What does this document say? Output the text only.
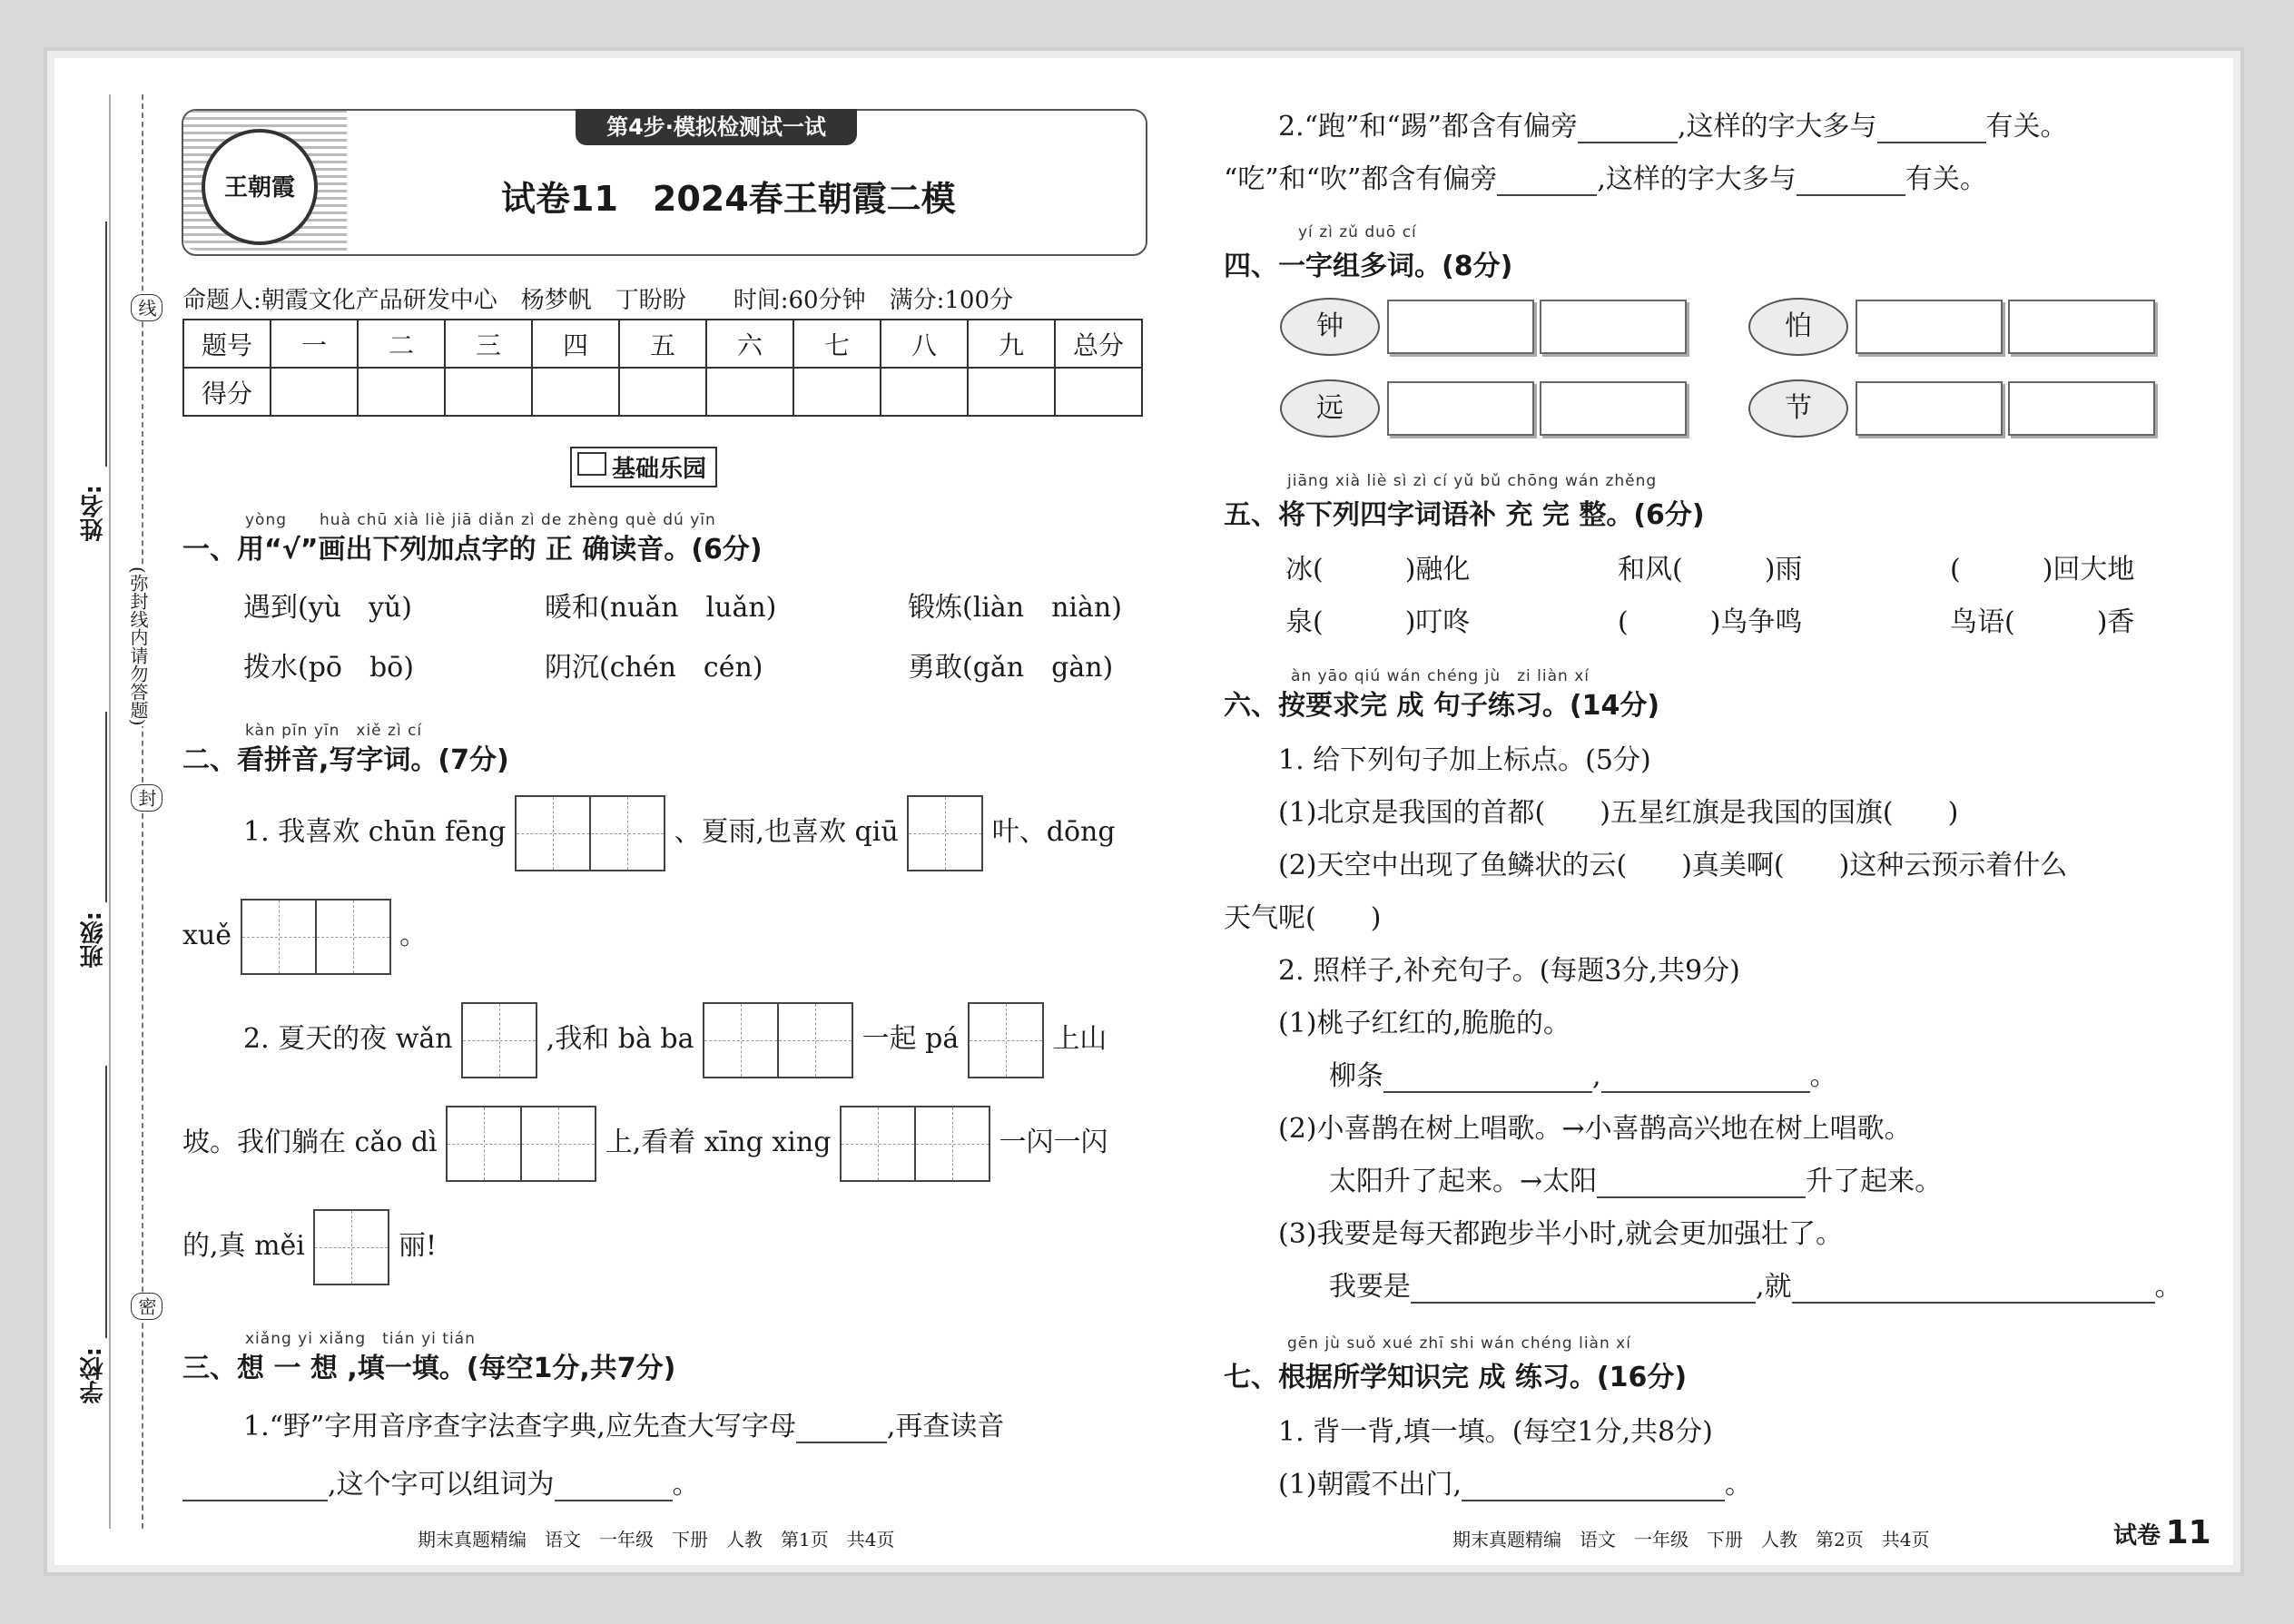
姓名:
班级:
学校:
(弥封线内请勿答题)
线
封
密
王朝霞
第4步·模拟检测试一试
试卷11　2024春王朝霞二模
命题人:朝霞文化产品研发中心　杨梦帆　丁盼盼　　时间:60分钟　满分:100分
题号	一	二	三	四	五	六	七	八	九	总分
得分										
基础乐园
yòng　　huà chū xià liè jiā diǎn zì de zhèng què dú yīn
一、用“√”画出下列加点字的 正 确读音。(6分)
遇到(yù　yǔ)	暖和(nuǎn　luǎn)	锻炼(liàn　niàn)
拨水(pō　bō)	阴沉(chén　cén)	勇敢(gǎn　gàn)
kàn pīn yīn　xiě zì cí
二、看拼音,写字词。(7分)
1. 我喜欢 chūn fēng	、夏雨,也喜欢 qiū	叶、dōng
xuě	。
2. 夏天的夜 wǎn	,我和 bà ba	一起 pá	上山
坡。我们躺在 cǎo dì	上,看着 xīng xing	一闪一闪
的,真 měi	丽!
xiǎng yi xiǎng　tián yi tián
三、想 一 想 ,填一填。(每空1分,共7分)
1.“野”字用音序查字法查字典,应先查大写字母	,再查读音
,这个字可以组词为	。
期末真题精编　语文　一年级　下册　人教　第1页　共4页
2.“跑”和“踢”都含有偏旁	,这样的字大多与	有关。
“吃”和“吹”都含有偏旁	,这样的字大多与	有关。
yí zì zǔ duō cí
四、一字组多词。(8分)
钟	怕
远	节
jiāng xià liè sì zì cí yǔ bǔ chōng wán zhěng
五、将下列四字词语补 充 完 整。(6分)
冰(　　　)融化	和风(　　　)雨	(　　　)回大地
泉(　　　)叮咚	(　　　)鸟争鸣	鸟语(　　　)香
àn yāo qiú wán chéng jù　zi liàn xí
六、按要求完 成 句子练习。(14分)
1. 给下列句子加上标点。(5分)
(1)北京是我国的首都(　　)五星红旗是我国的国旗(　　)
(2)天空中出现了鱼鳞状的云(　　)真美啊(　　)这种云预示着什么
天气呢(　　)
2. 照样子,补充句子。(每题3分,共9分)
(1)桃子红红的,脆脆的。
柳条	,	。
(2)小喜鹊在树上唱歌。→小喜鹊高兴地在树上唱歌。
太阳升了起来。→太阳	升了起来。
(3)我要是每天都跑步半小时,就会更加强壮了。
我要是	,就	。
gēn jù suǒ xué zhī shi wán chéng liàn xí
七、根据所学知识完 成 练习。(16分)
1. 背一背,填一填。(每空1分,共8分)
(1)朝霞不出门,	。
期末真题精编　语文　一年级　下册　人教　第2页　共4页	试卷 11
